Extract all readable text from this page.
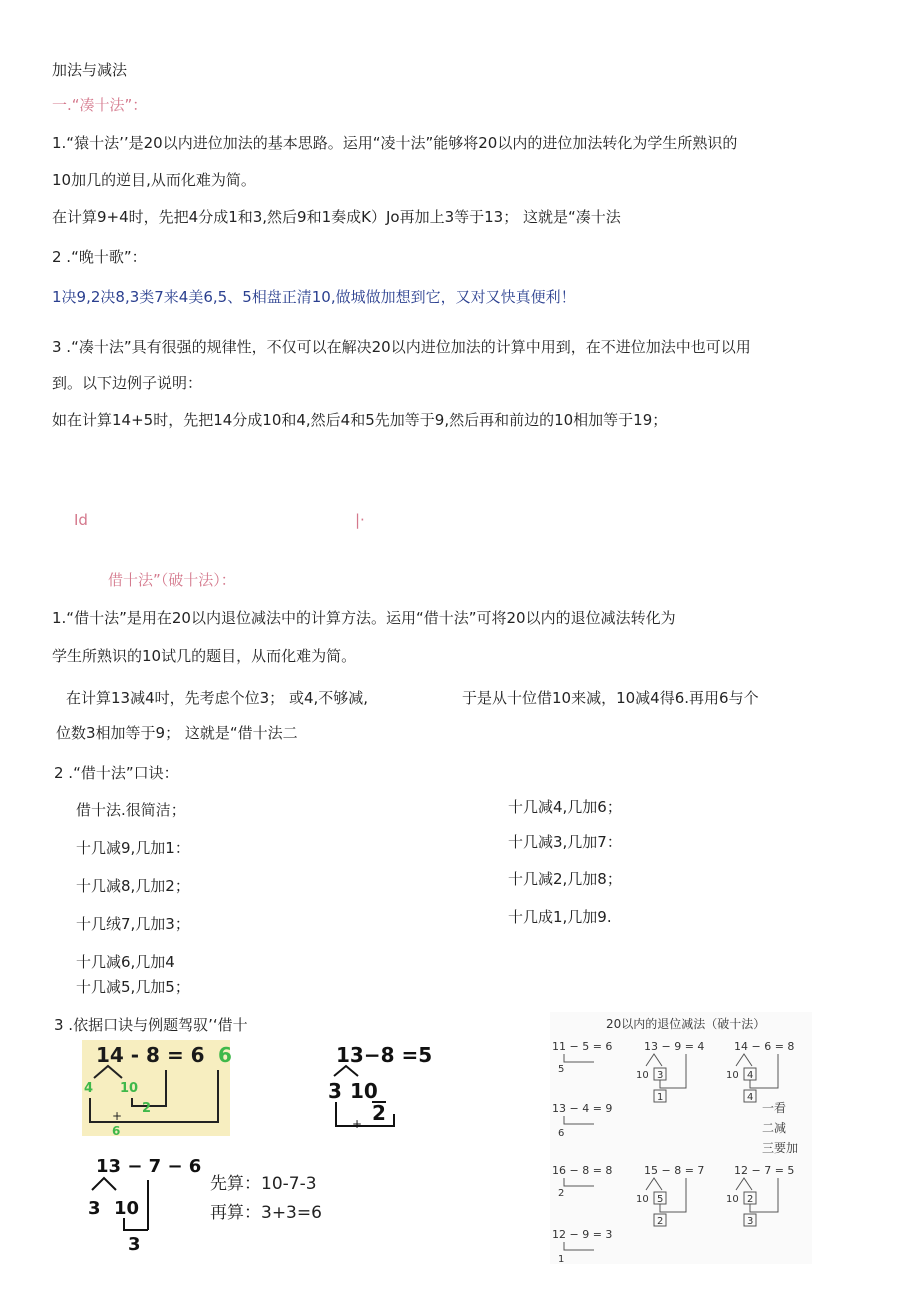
加法与减法
一.“凑十法”：
1.“猿十法’’是20以内进位加法的基本思路。运用“凌十法”能够将20以内的进位加法转化为学生所熟识的
10加几的逆目,从而化难为简。
在计算9+4时，先把4分成1和3,然后9和1奏成K）Jo再加上3等于13； 这就是“凑十法
2 .“晚十歌”：
1决9,2决8,3类7来4美6,5、5相盘正清10,做城做加想到它，又对又快真便利！
3 .“凑十法”具有很强的规律性，不仅可以在解决20以内进位加法的计算中用到，在不进位加法中也可以用
到。以下边例子说明：
如在计算14+5时，先把14分成10和4,然后4和5先加等于9,然后再和前边的10相加等于19；
Id	|·
借十法”（破十法）：
1.“借十法”是用在20以内退位减法中的计算方法。运用“借十法”可将20以内的退位减法转化为
学生所熟识的10试几的题目，从而化难为简。
在计算13减4吋，先考虑个位3； 或4,不够减,	于是从十位借10来减，10减4得6.再用6与个
位数3相加等于9； 这就是“借十法二
2 .“借十法”口诀：
借十法.很简洁；
十几减9,几加1：
十几减8,几加2；
十几绒7,几加3；
十几减6,几加4
十几减5,几加5；
十几减4,几加6；
十几减3,几加7：
十几减2,几加8；
十几成1,几加9.
3 .依据口诀与例题驾驭’‘借十
14 - 8 = 6 6
4 10
2
+
6
13−8 =5
3 10
2
+
13 − 7 − 6
3 10
3
先算：10-7-3
再算：3+3=6
20以内的退位减法（破十法）
11 − 5 = 6	13 − 9 = 4	14 − 6 = 8
5
10 3
1
10 4
4
13 − 4 = 9
6
一看
二减
三要加
16 − 8 = 8	15 − 8 = 7	12 − 7 = 5
2
10 5
2
10 2
3
12 − 9 = 3
1
